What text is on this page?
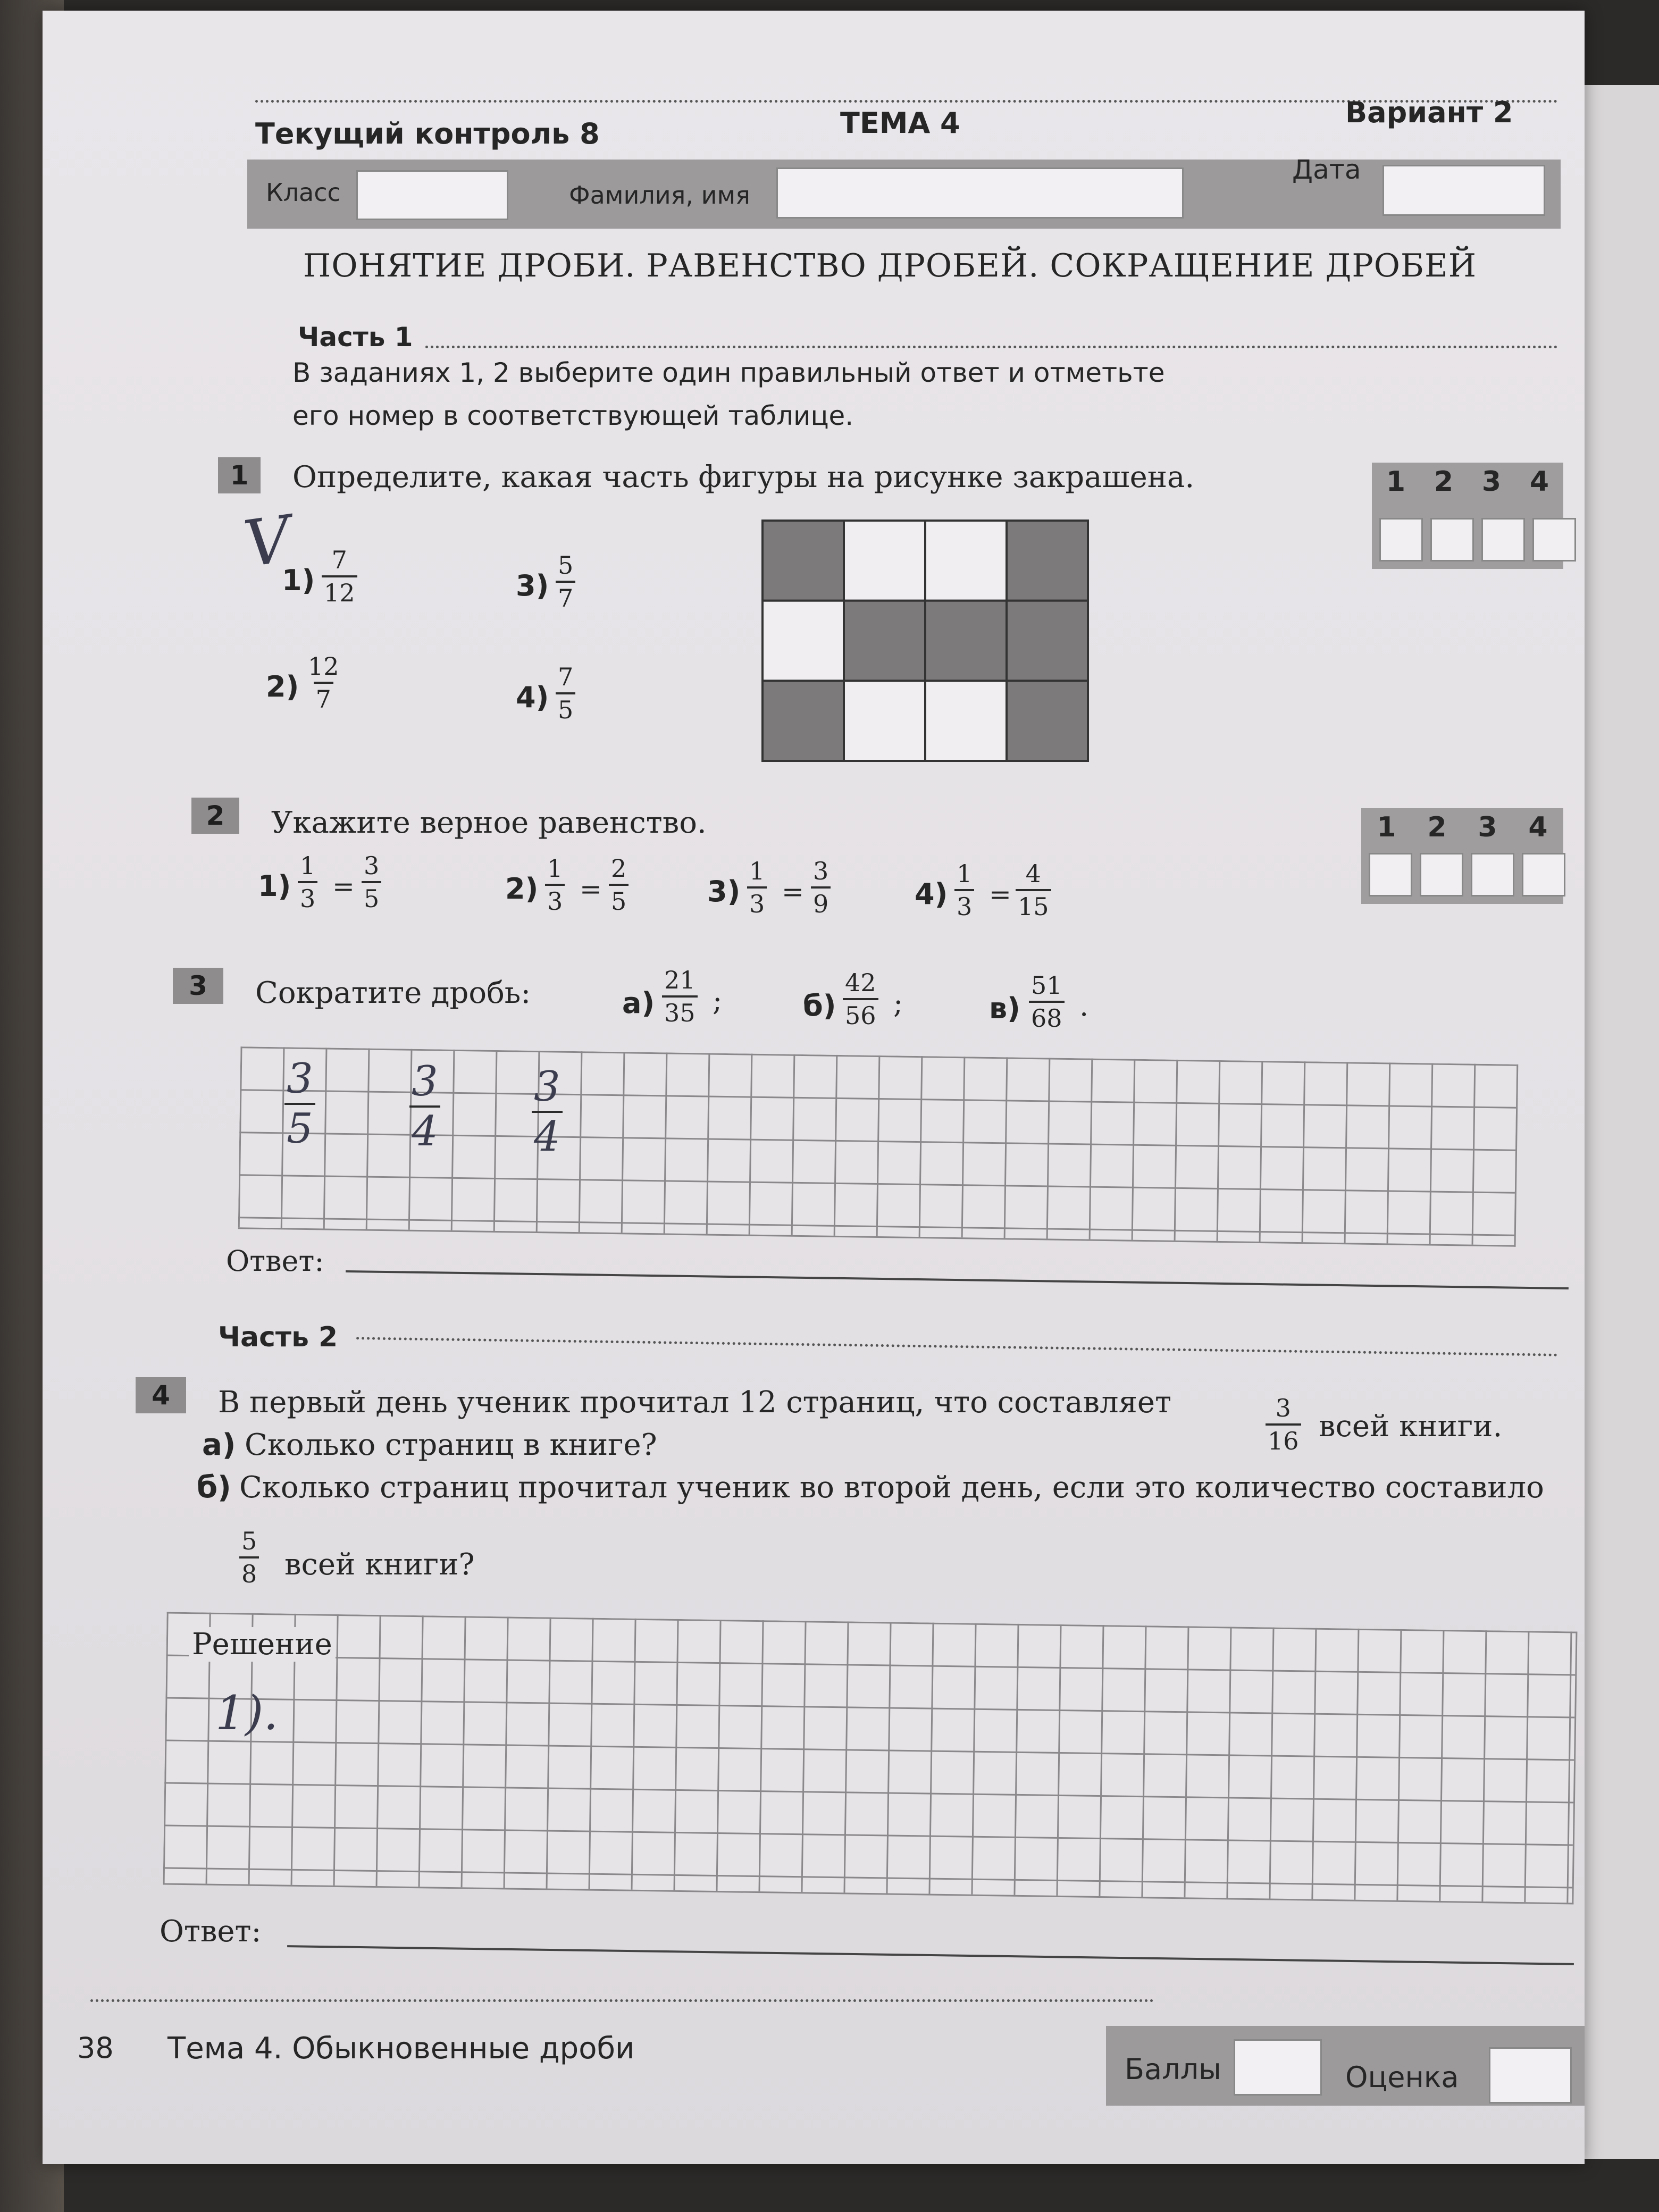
Текущий контроль 8	ТЕМА 4	Вариант 2
Класс	Фамилия, имя
Дата
ПОНЯТИЕ ДРОБИ. РАВЕНСТВО ДРОБЕЙ. СОКРАЩЕНИЕ ДРОБЕЙ
Часть 1
В заданиях 1, 2 выберите один правильный ответ и отметьте
его номер в соответствующей таблице.
1	Определите, какая часть фигуры на рисунке закрашена.	1 2 3 4
V
$1) \frac{7}{12}$
$2) \frac{12}{7}$
$3) \frac{5}{7}$
$4) \frac{7}{5}$
2	Укажите верное равенство.	1 2 3 4
$1) \frac{1}{3} = \frac{3}{5}$	$2) \frac{1}{3} = \frac{2}{5}$	$3) \frac{1}{3} = \frac{3}{9}$	$4) \frac{1}{3} = \frac{4}{15}$
3	Сократите дробь:	$а) \frac{21}{35}$ ;	$б) \frac{42}{56}$ ;	$в) \frac{51}{68}$ .
$\frac{3}{5} \frac{3}{4} \frac{3}{4}$
Ответ:
Часть 2
4	В первый день ученик прочитал 12 страниц, что составляет	$\frac{3}{16}$ всей книги.
а) Сколько страниц в книге?
б) Сколько страниц прочитал ученик во второй день, если это количество составило
$\frac{5}{8}$ всей книги?
Решение
1).
Ответ:
38 Тема 4. Обыкновенные дроби
Баллы	Оценка
